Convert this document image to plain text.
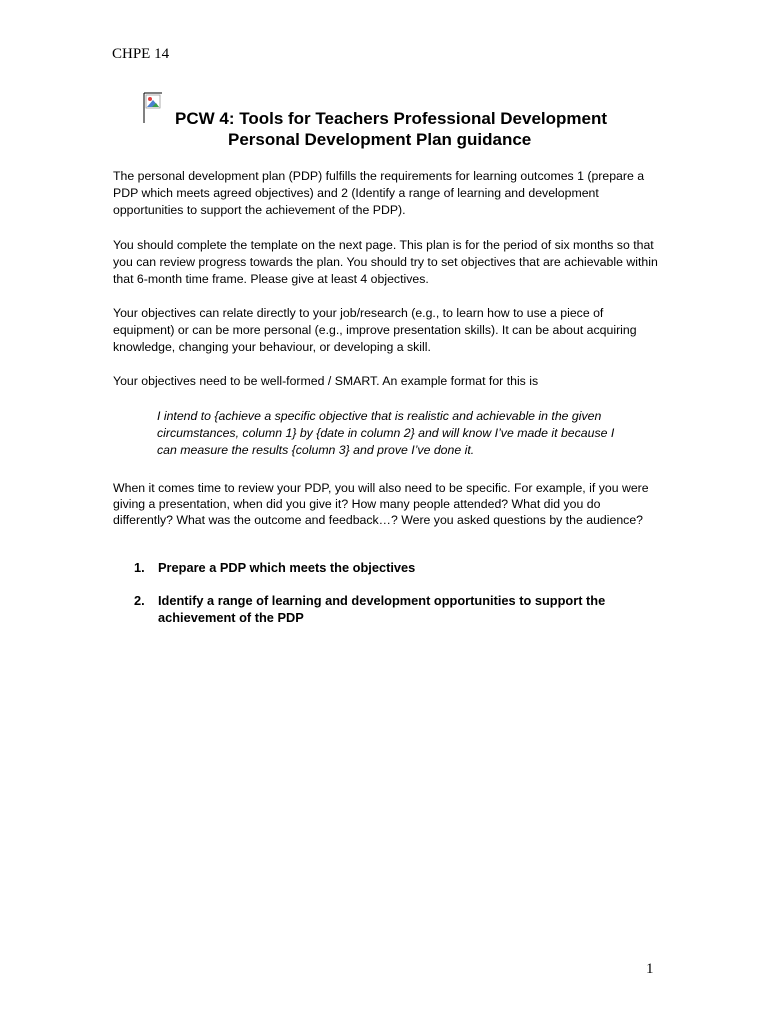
CHPE 14
PCW 4: Tools for Teachers Professional Development
Personal Development Plan guidance
The personal development plan (PDP) fulfills the requirements for learning outcomes 1 (prepare a PDP which meets agreed objectives) and 2 (Identify a range of learning and development opportunities to support the achievement of the PDP).
You should complete the template on the next page. This plan is for the period of six months so that you can review progress towards the plan. You should try to set objectives that are achievable within that 6-month time frame. Please give at least 4 objectives.
Your objectives can relate directly to your job/research (e.g., to learn how to use a piece of equipment) or can be more personal (e.g., improve presentation skills). It can be about acquiring knowledge, changing your behaviour, or developing a skill.
Your objectives need to be well-formed / SMART. An example format for this is
I intend to {achieve a specific objective that is realistic and achievable in the given circumstances, column 1} by {date in column 2} and will know I’ve made it because I can measure the results {column 3} and prove I’ve done it.
When it comes time to review your PDP, you will also need to be specific. For example, if you were giving a presentation, when did you give it? How many people attended? What did you do differently? What was the outcome and feedback…? Were you asked questions by the audience?
1.	Prepare a PDP which meets the objectives
2.	Identify a range of learning and development opportunities to support the achievement of the PDP
1
